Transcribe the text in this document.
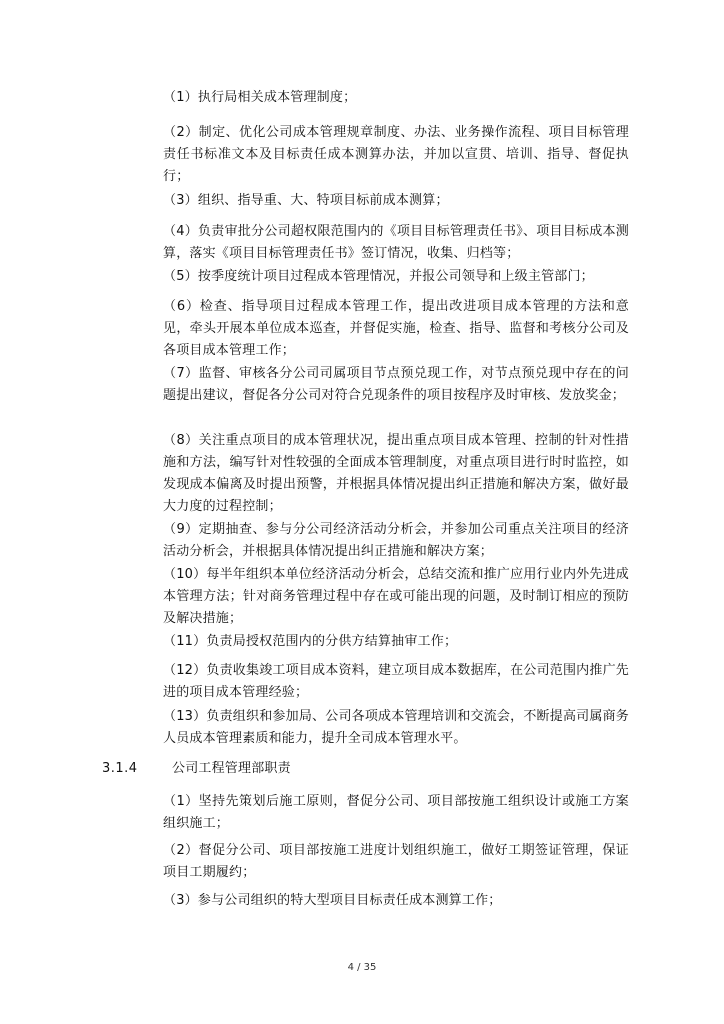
（1）执行局相关成本管理制度；
（2）制定、优化公司成本管理规章制度、办法、业务操作流程、项目目标管理责任书标准文本及目标责任成本测算办法，并加以宣贯、培训、指导、督促执行；
（3）组织、指导重、大、特项目标前成本测算；
（4）负责审批分公司超权限范围内的《项目目标管理责任书》、项目目标成本测算，落实《项目目标管理责任书》签订情况，收集、归档等；
（5）按季度统计项目过程成本管理情况，并报公司领导和上级主管部门；
（6）检查、指导项目过程成本管理工作，提出改进项目成本管理的方法和意见，牵头开展本单位成本巡查，并督促实施，检查、指导、监督和考核分公司及各项目成本管理工作；
（7）监督、审核各分公司司属项目节点预兑现工作，对节点预兑现中存在的问题提出建议，督促各分公司对符合兑现条件的项目按程序及时审核、发放奖金；
（8）关注重点项目的成本管理状况，提出重点项目成本管理、控制的针对性措施和方法，编写针对性较强的全面成本管理制度，对重点项目进行时时监控，如发现成本偏离及时提出预警，并根据具体情况提出纠正措施和解决方案，做好最大力度的过程控制；
（9）定期抽查、参与分公司经济活动分析会，并参加公司重点关注项目的经济活动分析会，并根据具体情况提出纠正措施和解决方案；
（10）每半年组织本单位经济活动分析会，总结交流和推广应用行业内外先进成本管理方法；针对商务管理过程中存在或可能出现的问题，及时制订相应的预防及解决措施；
（11）负责局授权范围内的分供方结算抽审工作；
（12）负责收集竣工项目成本资料，建立项目成本数据库，在公司范围内推广先进的项目成本管理经验；
（13）负责组织和参加局、公司各项成本管理培训和交流会，不断提高司属商务人员成本管理素质和能力，提升全司成本管理水平。
3.1.4	公司工程管理部职责
（1）坚持先策划后施工原则，督促分公司、项目部按施工组织设计或施工方案组织施工；
（2）督促分公司、项目部按施工进度计划组织施工，做好工期签证管理，保证项目工期履约；
（3）参与公司组织的特大型项目目标责任成本测算工作；
4 / 35
